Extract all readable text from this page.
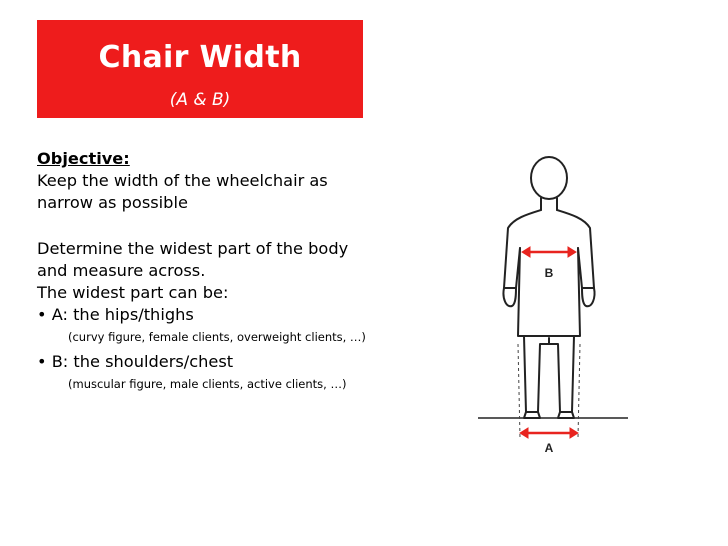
Chair Width
(A & B)
Objective:
Keep the width of the wheelchair as
narrow as possible
Determine the widest part of the body
and measure across.
The widest part can be:
• A: the hips/thighs
(curvy figure, female clients, overweight clients, …)
• B: the shoulders/chest
(muscular figure, male clients, active clients, …)
B
A
